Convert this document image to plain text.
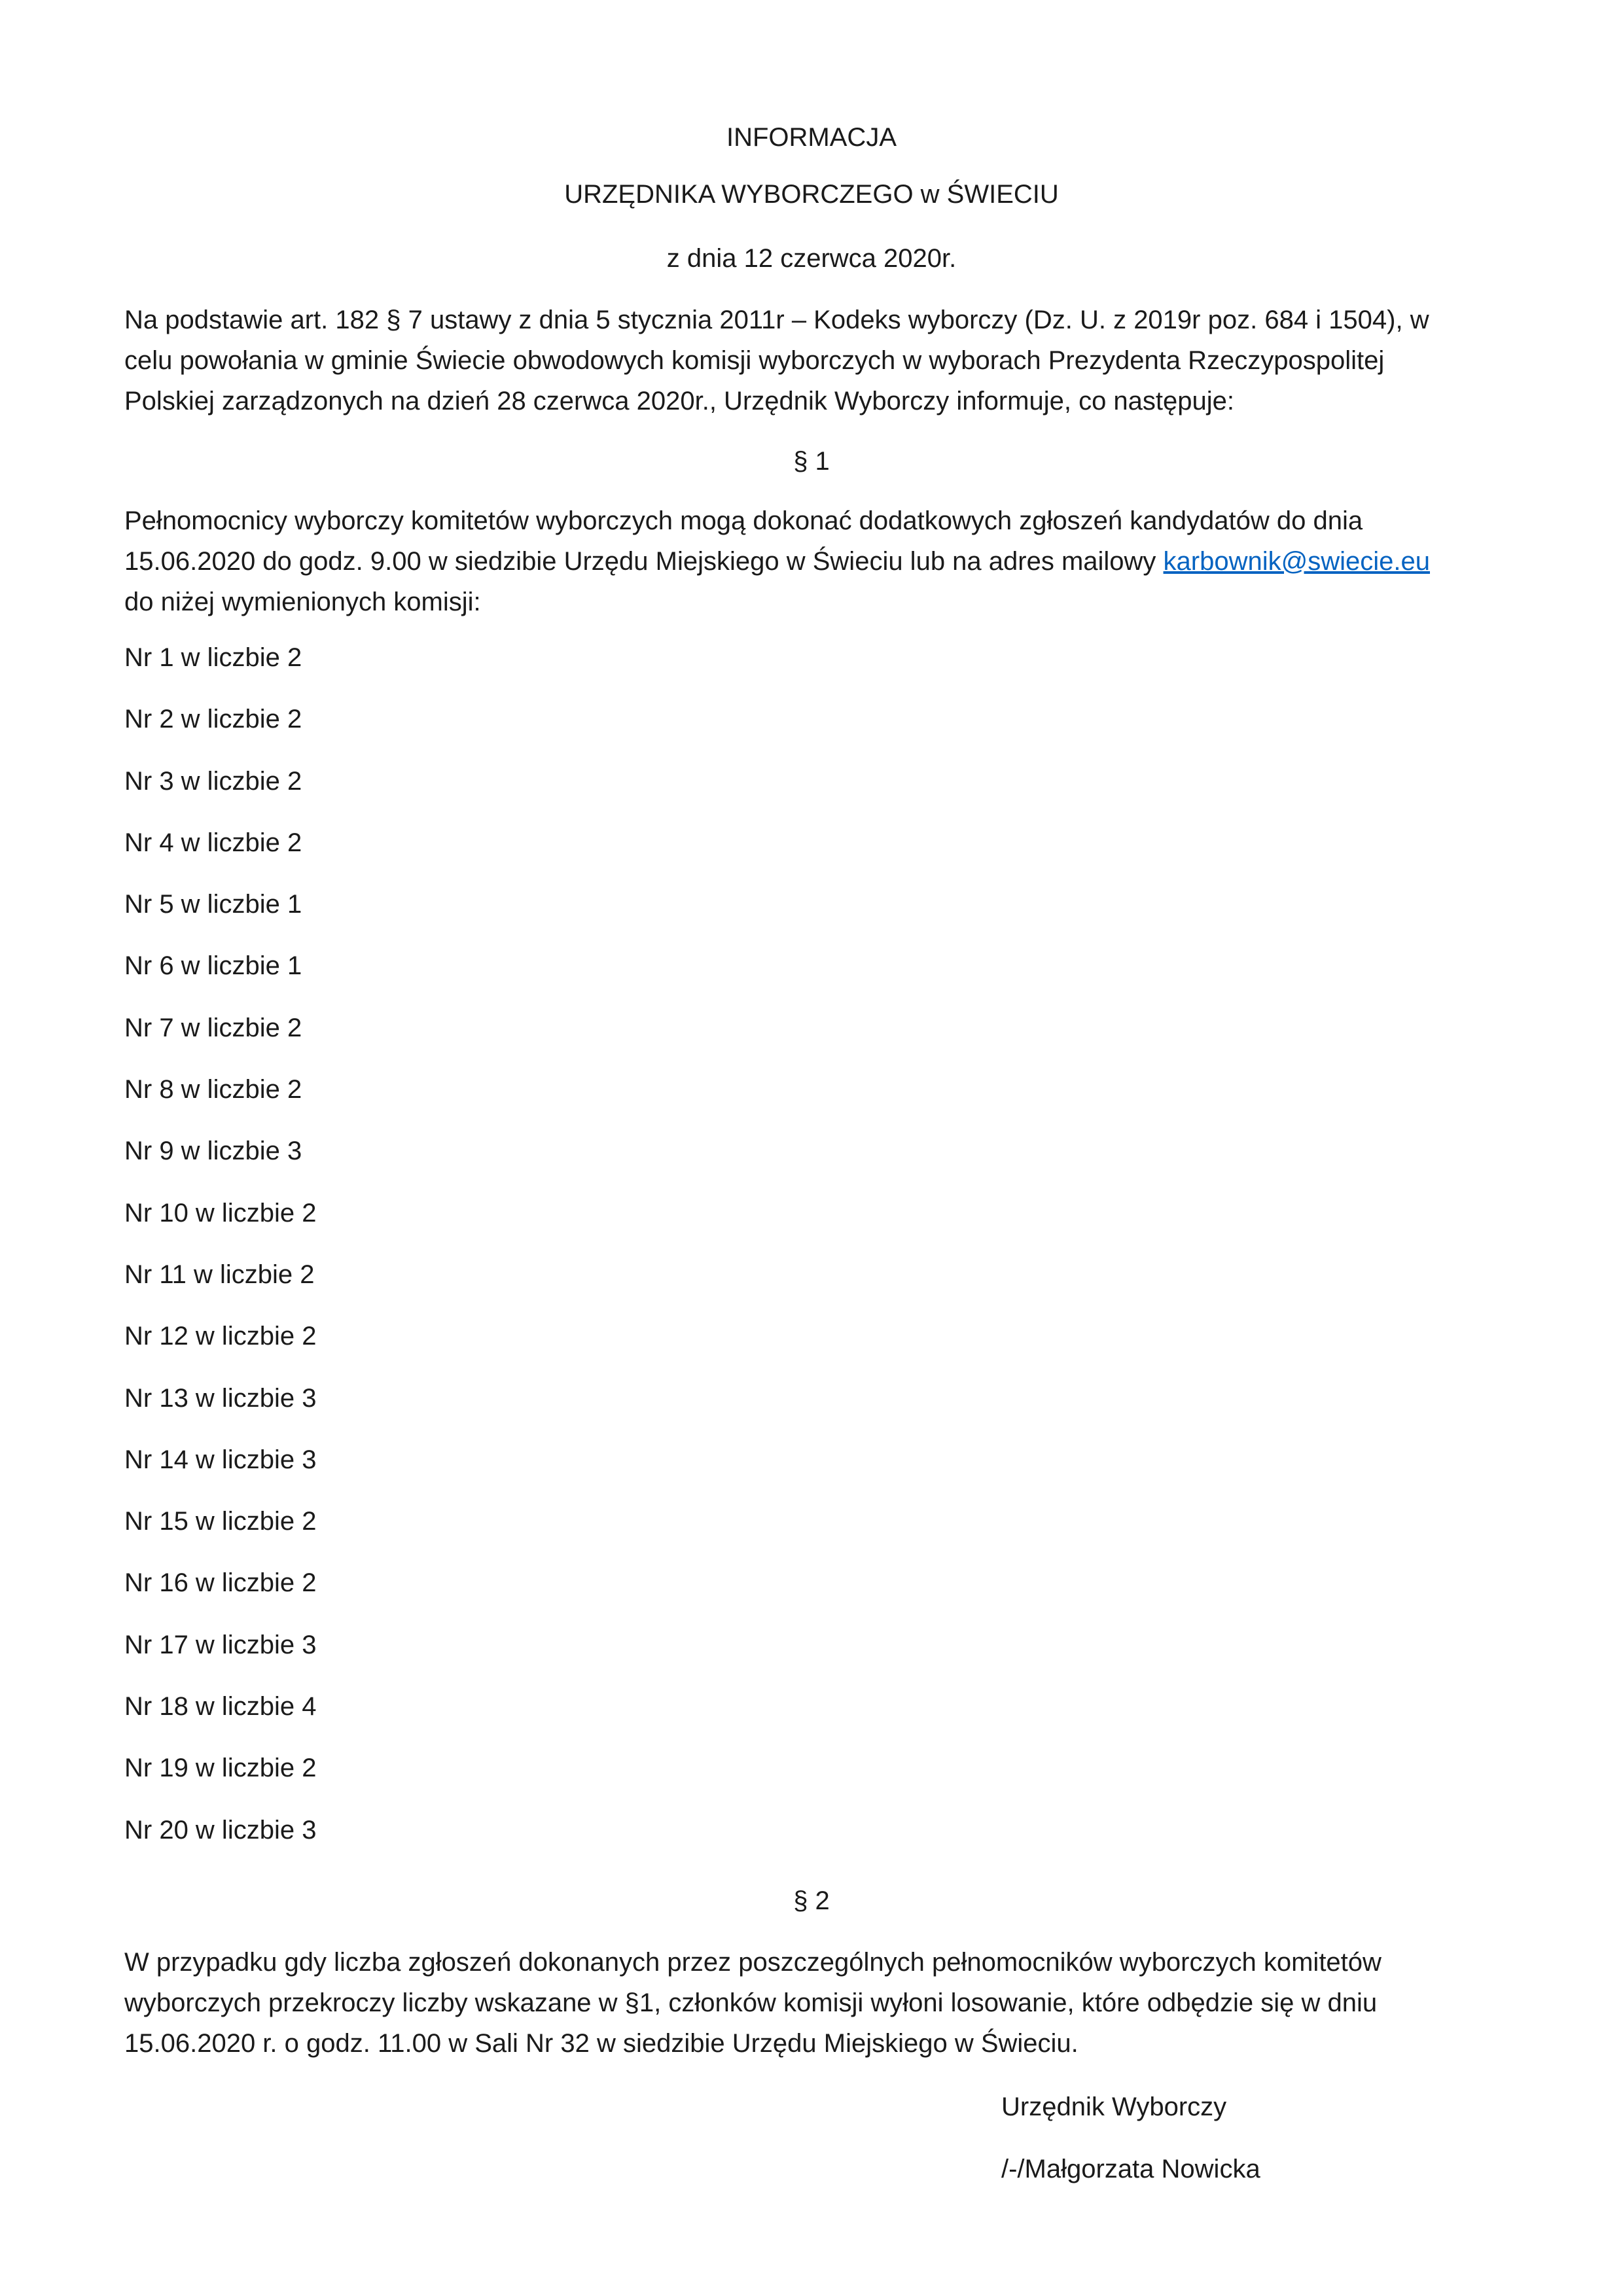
INFORMACJA

URZĘDNIKA WYBORCZEGO w ŚWIECIU

z dnia 12 czerwca 2020r.

Na podstawie art. 182 § 7 ustawy z dnia 5 stycznia 2011r – Kodeks wyborczy (Dz. U. z 2019r poz. 684 i 1504), w
celu powołania w gminie Świecie obwodowych komisji wyborczych w wyborach Prezydenta Rzeczypospolitej
Polskiej zarządzonych na dzień 28 czerwca 2020r., Urzędnik Wyborczy informuje, co następuje:

§ 1

Pełnomocnicy wyborczy komitetów wyborczych mogą dokonać dodatkowych zgłoszeń kandydatów do dnia
15.06.2020 do godz. 9.00 w siedzibie Urzędu Miejskiego w Świeciu lub na adres mailowy karbownik@swiecie.eu
do niżej wymienionych komisji:
Nr 1 w liczbie 2
Nr 2 w liczbie 2
Nr 3 w liczbie 2
Nr 4 w liczbie 2
Nr 5 w liczbie 1
Nr 6 w liczbie 1
Nr 7 w liczbie 2
Nr 8 w liczbie 2
Nr 9 w liczbie 3
Nr 10 w liczbie 2
Nr 11 w liczbie 2
Nr 12 w liczbie 2
Nr 13 w liczbie 3
Nr 14 w liczbie 3
Nr 15 w liczbie 2
Nr 16 w liczbie 2
Nr 17 w liczbie 3
Nr 18 w liczbie 4
Nr 19 w liczbie 2
Nr 20 w liczbie 3

§ 2

W przypadku gdy liczba zgłoszeń dokonanych przez poszczególnych pełnomocników wyborczych komitetów
wyborczych przekroczy liczby wskazane w §1, członków komisji wyłoni losowanie, które odbędzie się w dniu
15.06.2020 r. o godz. 11.00 w Sali Nr 32 w siedzibie Urzędu Miejskiego w Świeciu.

Urzędnik Wyborczy

/-/Małgorzata Nowicka
